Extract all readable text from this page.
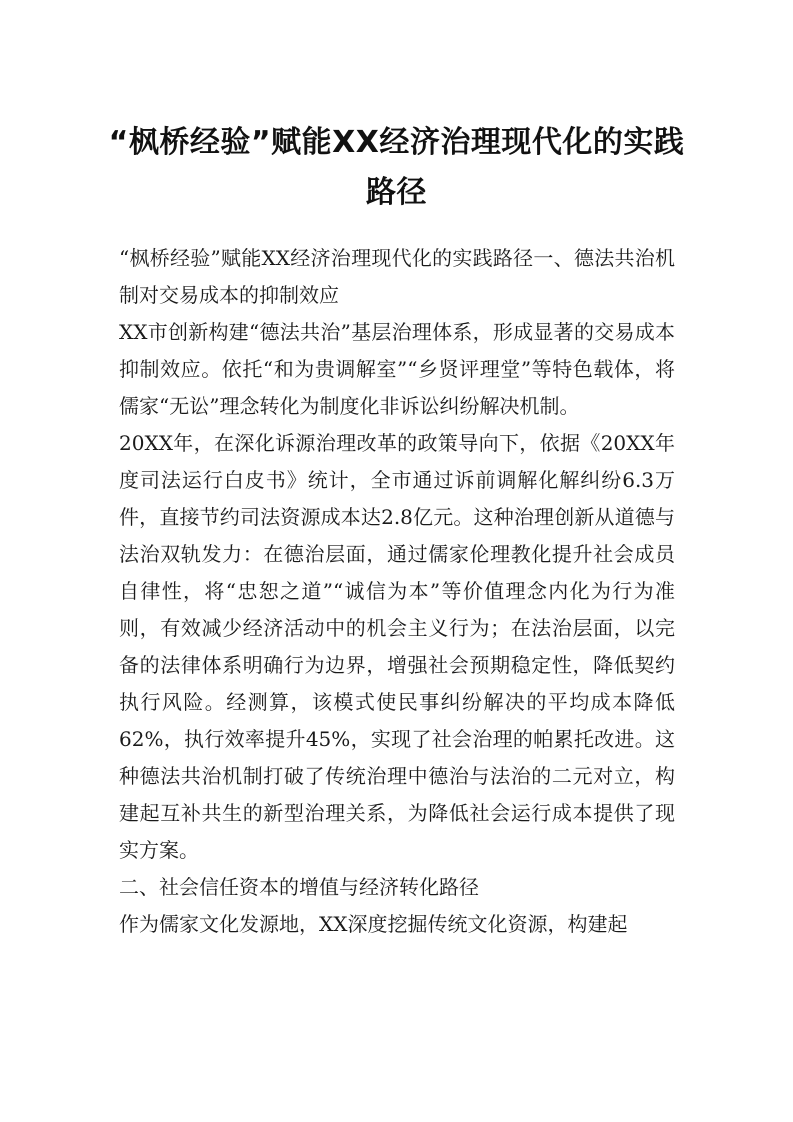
“枫桥经验”赋能XX经济治理现代化的实践路径

“枫桥经验”赋能XX经济治理现代化的实践路径一、德法共治机制对交易成本的抑制效应

XX市创新构建“德法共治”基层治理体系，形成显著的交易成本抑制效应。依托“和为贵调解室”“乡贤评理堂”等特色载体，将儒家“无讼”理念转化为制度化非诉讼纠纷解决机制。

20XX年，在深化诉源治理改革的政策导向下，依据《20XX年度司法运行白皮书》统计，全市通过诉前调解化解纠纷6.3万件，直接节约司法资源成本达2.8亿元。这种治理创新从道德与法治双轨发力：在德治层面，通过儒家伦理教化提升社会成员自律性，将“忠恕之道”“诚信为本”等价值理念内化为行为准则，有效减少经济活动中的机会主义行为；在法治层面，以完备的法律体系明确行为边界，增强社会预期稳定性，降低契约执行风险。经测算，该模式使民事纠纷解决的平均成本降低62%，执行效率提升45%，实现了社会治理的帕累托改进。这种德法共治机制打破了传统治理中德治与法治的二元对立，构建起互补共生的新型治理关系，为降低社会运行成本提供了现实方案。

二、社会信任资本的增值与经济转化路径

作为儒家文化发源地，XX深度挖掘传统文化资源，构建起
